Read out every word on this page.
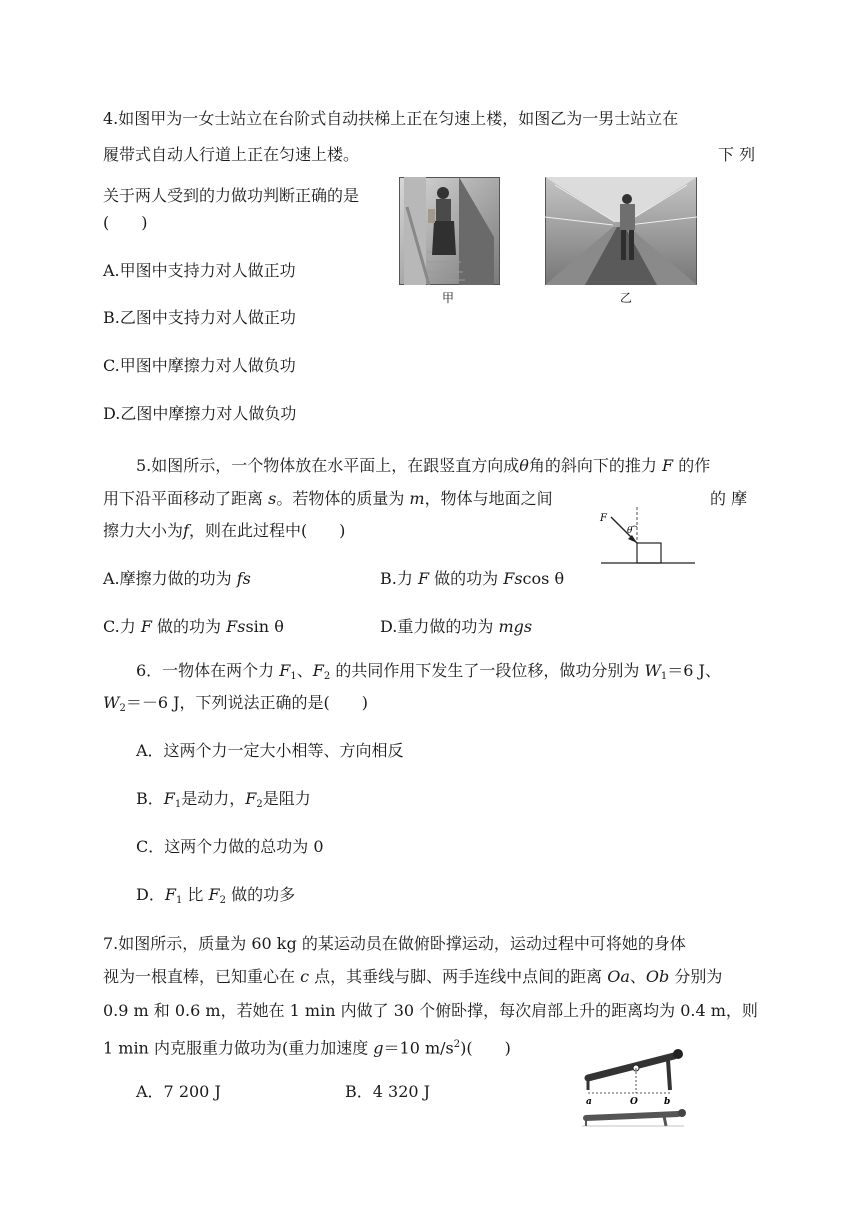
4.如图甲为一女士站立在台阶式自动扶梯上正在匀速上楼，如图乙为一男士站立在
履带式自动人行道上正在匀速上楼。	下 列
关于两人受到的力做功判断正确的是
(　　)
A.甲图中支持力对人做正功
B.乙图中支持力对人做正功
C.甲图中摩擦力对人做负功
D.乙图中摩擦力对人做负功
甲	乙
5.如图所示，一个物体放在水平面上，在跟竖直方向成θ角的斜向下的推力 F 的作
用下沿平面移动了距离 s。若物体的质量为 m，物体与地面之间	的 摩
擦力大小为f，则在此过程中(　　)
F
θ
A.摩擦力做的功为 fs	B.力 F 做的功为 Fscos θ
C.力 F 做的功为 Fssin θ	D.重力做的功为 mgs
6．一物体在两个力 $F_1$、$F_2$ 的共同作用下发生了一段位移，做功分别为 $W_1=6$ J、
$W_2=-6$ J，下列说法正确的是(　　)
A．这两个力一定大小相等、方向相反
B．$F_1$是动力，$F_2$是阻力
C．这两个力做的总功为 0
D．$F_1$ 比 $F_2$ 做的功多
7.如图所示，质量为 60 kg 的某运动员在做俯卧撑运动，运动过程中可将她的身体
视为一根直棒，已知重心在 c 点，其垂线与脚、两手连线中点间的距离 Oa、Ob 分别为
0.9 m 和 0.6 m，若她在 1 min 内做了 30 个俯卧撑，每次肩部上升的距离均为 0.4 m，则
1 min 内克服重力做功为(重力加速度 g＝10 $m/s^2$)(　　)
A．7 200 J	B．4 320 J
a	O	b
